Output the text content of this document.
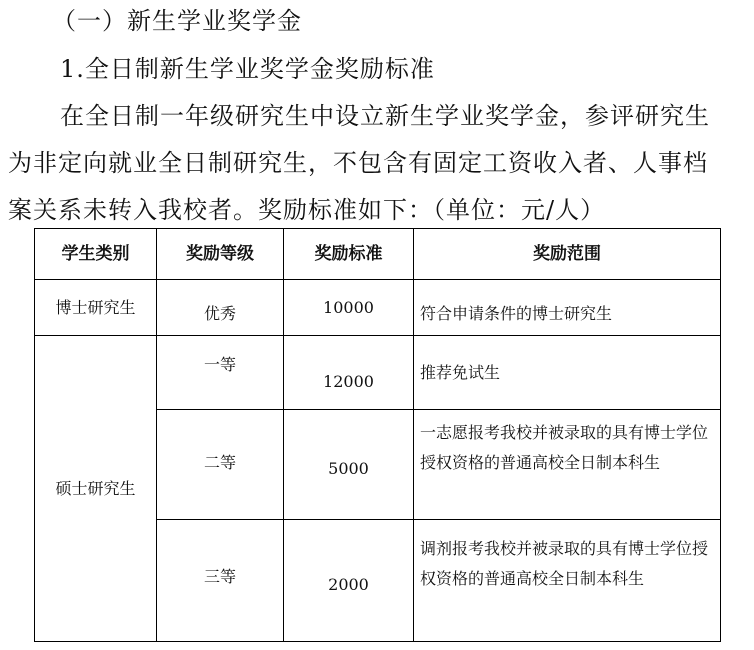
（一）新生学业奖学金
1.全日制新生学业奖学金奖励标准
在全日制一年级研究生中设立新生学业奖学金，参评研究生
为非定向就业全日制研究生，不包含有固定工资收入者、人事档
案关系未转入我校者。奖励标准如下：（单位：元/人）
学生类别	奖励等级	奖励标准	奖励范围
博士研究生	优秀	10000	符合申请条件的博士研究生
硕士研究生	一等	12000	推荐免试生
	二等	5000	一志愿报考我校并被录取的具有博士学位授权资格的普通高校全日制本科生
	三等	2000	调剂报考我校并被录取的具有博士学位授权资格的普通高校全日制本科生
